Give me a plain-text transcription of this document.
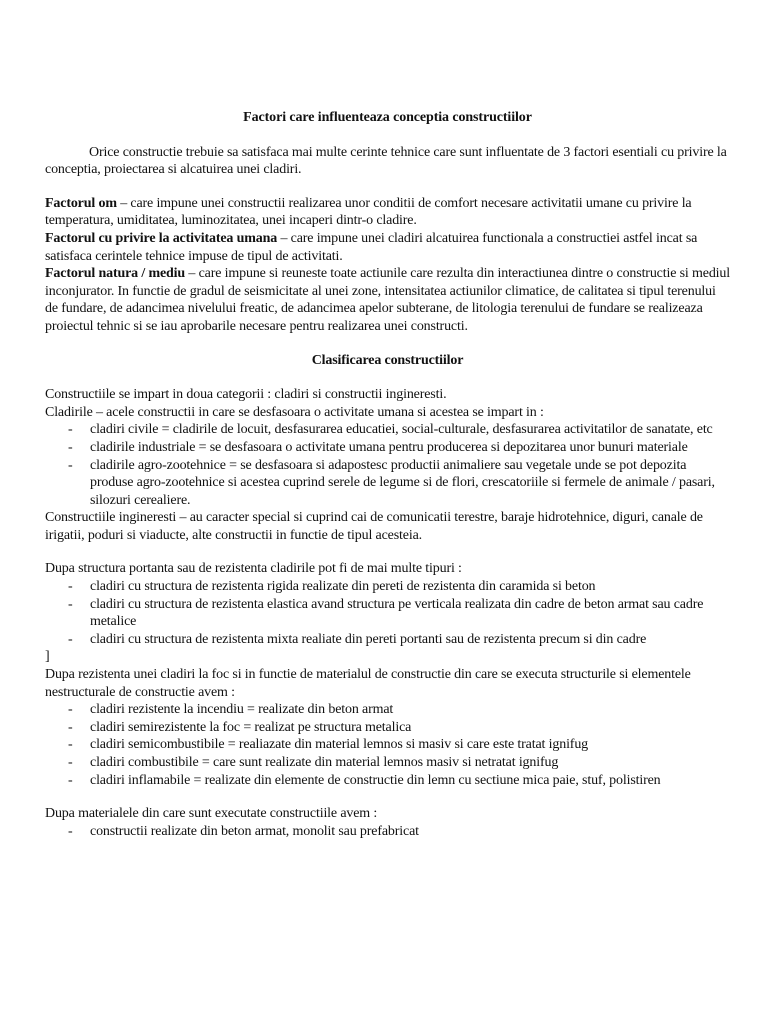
Factori care influenteaza conceptia constructiilor

Orice constructie trebuie sa satisfaca mai multe cerinte tehnice care sunt influentate de 3 factori esentiali cu privire la conceptia, proiectarea si alcatuirea unei cladiri.

Factorul om – care impune unei constructii realizarea unor conditii de comfort necesare activitatii umane cu privire la temperatura, umiditatea, luminozitatea, unei incaperi dintr-o cladire.

Factorul cu privire la activitatea umana – care impune unei cladiri alcatuirea functionala a constructiei astfel incat sa satisfaca cerintele tehnice impuse de tipul de activitati.

Factorul natura / mediu – care impune si reuneste toate actiunile care rezulta din interactiunea dintre o constructie si mediul inconjurator. In functie de gradul de seismicitate al unei zone, intensitatea actiunilor climatice, de calitatea si tipul terenului de fundare, de adancimea nivelului freatic, de adancimea apelor subterane, de litologia terenului de fundare se realizeaza proiectul tehnic si se iau aprobarile necesare pentru realizarea unei constructi.

Clasificarea constructiilor

Constructiile se impart in doua categorii : cladiri si constructii ingineresti.

Cladirile – acele constructii in care se desfasoara o activitate umana si acestea se impart in :

- cladiri civile = cladirile de locuit, desfasurarea educatiei, social-culturale, desfasurarea activitatilor de sanatate, etc
- cladirile industriale = se desfasoara o activitate umana pentru producerea si depozitarea unor bunuri materiale
- cladirile agro-zootehnice = se desfasoara si adapostesc productii animaliere sau vegetale unde se pot depozita produse agro-zootehnice si acestea cuprind serele de legume si de flori, crescatoriile si fermele de animale / pasari, silozuri cerealiere.

Constructiile ingineresti – au caracter special si cuprind cai de comunicatii terestre, baraje hidrotehnice, diguri, canale de irigatii, poduri si viaducte, alte constructii in functie de tipul acesteia.

Dupa structura portanta sau de rezistenta cladirile pot fi de mai multe tipuri :

- cladiri cu structura de rezistenta rigida realizate din pereti de rezistenta din caramida si beton
- cladiri cu structura de rezistenta elastica avand structura pe verticala realizata din cadre de beton armat sau cadre metalice
- cladiri cu structura de rezistenta mixta realiate din pereti portanti sau de rezistenta precum si din cadre

]

Dupa rezistenta unei cladiri la foc si in functie de materialul de constructie din care se executa structurile si elementele nestructurale de constructie avem :

- cladiri rezistente la incendiu = realizate din beton armat
- cladiri semirezistente la foc = realizat pe structura metalica
- cladiri semicombustibile = realiazate din material lemnos si masiv si care este tratat ignifug
- cladiri combustibile = care sunt realizate din material lemnos masiv si netratat ignifug
- cladiri inflamabile = realizate din elemente de constructie din lemn cu sectiune mica paie, stuf, polistiren

Dupa materialele din care sunt executate constructiile avem :

- constructii realizate din beton armat, monolit sau prefabricat
